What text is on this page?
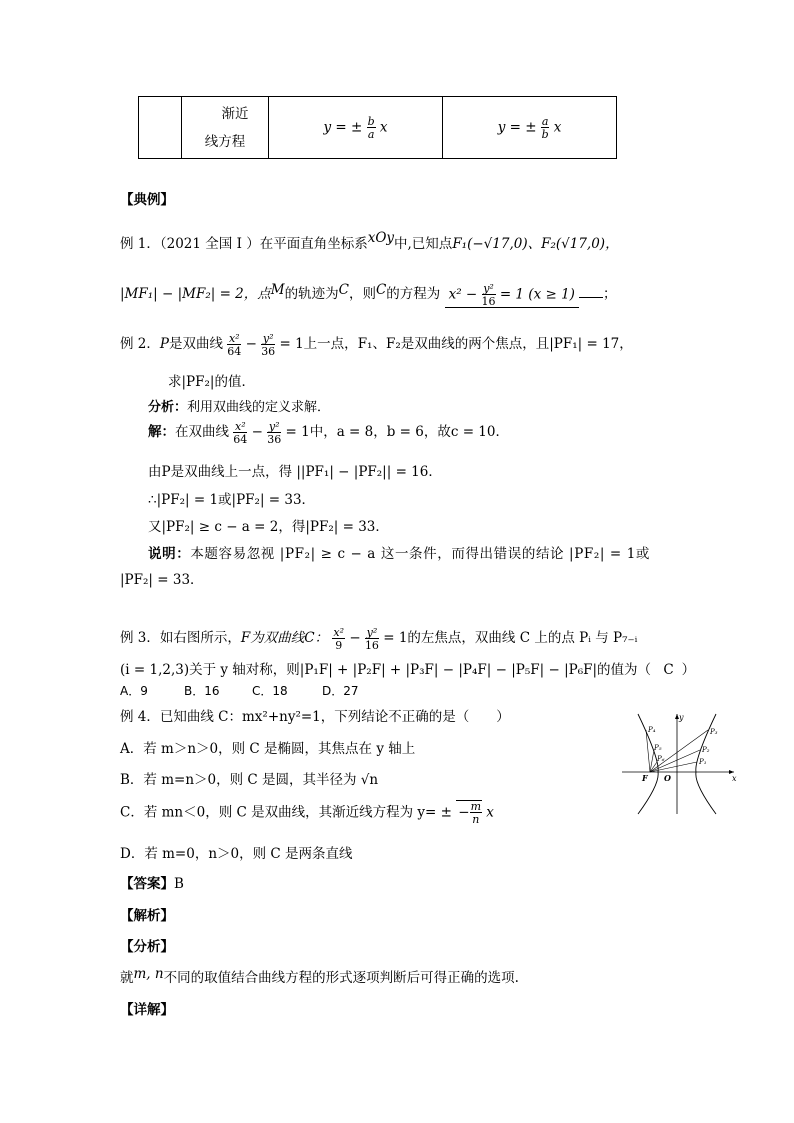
渐近
线方程
	y = ± $\frac{b}{a}$ x	y = ± $\frac{a}{b}$ x
【典例】
例 1．（2021 全国 I ）在平面直角坐标系xOy中,已知点F₁(−√17,0)、F₂(√17,0)，
|MF₁| − |MF₂| = 2，点M的轨迹为C，则C的方程为 $x^2 - \frac{\text{y²}}{16} = 1$ (x ≥ 1) ；
例 2．P是双曲线 $\frac{\text{x²}}{64} - \frac{\text{y²}}{36} = 1$上一点，F₁、F₂是双曲线的两个焦点，且|PF₁| = 17，
求|PF₂|的值．
分析：利用双曲线的定义求解．
解：在双曲线 $\frac{\text{x²}}{64} - \frac{\text{y²}}{36} = 1$中，a = 8，b = 6，故c = 10．
由P是双曲线上一点，得 ||PF₁| − |PF₂|| = 16．
∴|PF₂| = 1或|PF₂| = 33．
又|PF₂| ≥ c − a = 2，得|PF₂| = 33．
说明：本题容易忽视 |PF₂| ≥ c − a 这一条件，而得出错误的结论 |PF₂| = 1或
|PF₂| = 33．
例 3．如右图所示，F为双曲线C： $\frac{\text{x²}}{9} - \frac{\text{y²}}{16} = 1$的左焦点，双曲线 C 上的点 Pᵢ 与 P₇₋ᵢ
(i = 1,2,3)关于 y 轴对称，则|P₁F| + |P₂F| + |P₃F| − |P₄F| − |P₅F| − |P₆F|的值为（ C ）
A．9	B．16	C．18	D．27
例 4．已知曲线 C：mx²+ny²=1，下列结论不正确的是（　　）
A．若 m＞n＞0，则 C 是椭圆，其焦点在 y 轴上
B．若 m=n＞0，则 C 是圆，其半径为 √n
C．若 mn＜0，则 C 是双曲线，其渐近线方程为 y= ± − $\frac{m}{n}$ x
D．若 m=0，n＞0，则 C 是两条直线
【答案】B
【解析】
【分析】
就m, n不同的取值结合曲线方程的形式逐项判断后可得正确的选项.
【详解】
P₃
P₂
P₁
P₄
P₅
P₆
F O	x
y
